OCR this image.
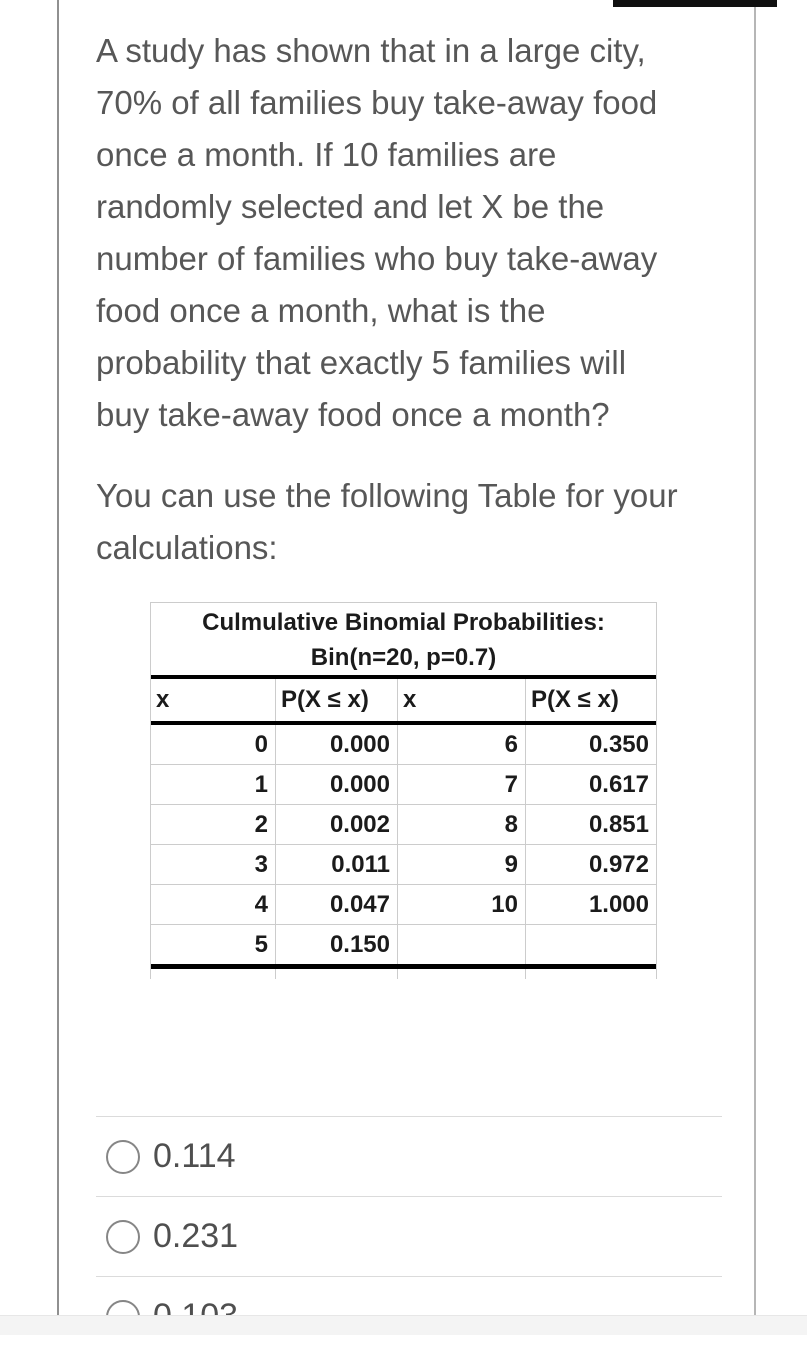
A study has shown that in a large city,
70% of all families buy take-away food
once a month. If 10 families are
randomly selected and let X be the
number of families who buy take-away
food once a month, what is the
probability that exactly 5 families will
buy take-away food once a month?
You can use the following Table for your
calculations:
Culmulative Binomial Probabilities:
Bin(n=20, p=0.7)
x	P(X ≤ x)	x	P(X ≤ x)
0	0.000	6	0.350
1	0.000	7	0.617
2	0.002	8	0.851
3	0.011	9	0.972
4	0.047	10	1.000
5	0.150
0.114
0.231
